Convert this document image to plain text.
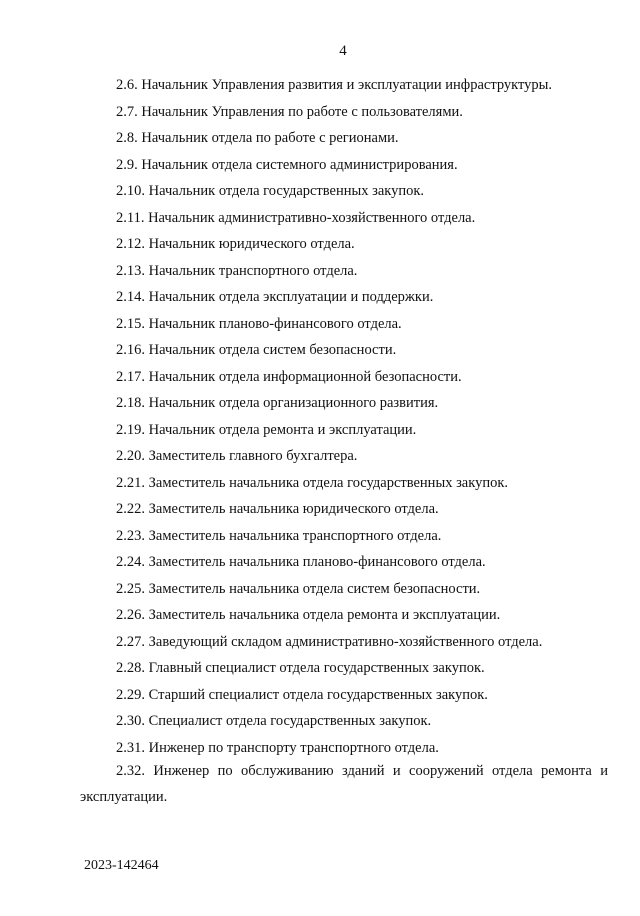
4
2.6. Начальник Управления развития и эксплуатации инфраструктуры.
2.7. Начальник Управления по работе с пользователями.
2.8. Начальник отдела по работе с регионами.
2.9. Начальник отдела системного администрирования.
2.10. Начальник отдела государственных закупок.
2.11. Начальник административно-хозяйственного отдела.
2.12. Начальник юридического отдела.
2.13. Начальник транспортного отдела.
2.14. Начальник отдела эксплуатации и поддержки.
2.15. Начальник планово-финансового отдела.
2.16. Начальник отдела систем безопасности.
2.17. Начальник отдела информационной безопасности.
2.18. Начальник отдела организационного развития.
2.19. Начальник отдела ремонта и эксплуатации.
2.20. Заместитель главного бухгалтера.
2.21. Заместитель начальника отдела государственных закупок.
2.22. Заместитель начальника юридического отдела.
2.23. Заместитель начальника транспортного отдела.
2.24. Заместитель начальника планово-финансового отдела.
2.25. Заместитель начальника отдела систем безопасности.
2.26. Заместитель начальника отдела ремонта и эксплуатации.
2.27. Заведующий складом административно-хозяйственного отдела.
2.28. Главный специалист отдела государственных закупок.
2.29. Старший специалист отдела государственных закупок.
2.30. Специалист отдела государственных закупок.
2.31. Инженер по транспорту транспортного отдела.
2.32. Инженер по обслуживанию зданий и сооружений отдела ремонта и эксплуатации.
2023-142464
